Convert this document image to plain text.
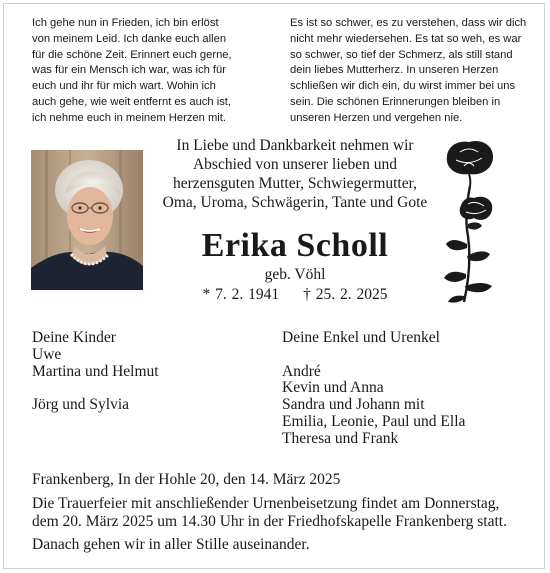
Ich gehe nun in Frieden, ich bin erlöst
von meinem Leid. Ich danke euch allen
für die schöne Zeit. Erinnert euch gerne,
was für ein Mensch ich war, was ich für
euch und ihr für mich wart. Wohin ich
auch gehe, wie weit entfernt es auch ist,
ich nehme euch in meinem Herzen mit.
Es ist so schwer, es zu verstehen, dass wir dich
nicht mehr wiedersehen. Es tat so weh, es war
so schwer, so tief der Schmerz, als still stand
dein liebes Mutterherz. In unseren Herzen
schließen wir dich ein, du wirst immer bei uns
sein. Die schönen Erinnerungen bleiben in
unseren Herzen und vergehen nie.
In Liebe und Dankbarkeit nehmen wir
Abschied von unserer lieben und
herzensguten Mutter, Schwiegermutter,
Oma, Uroma, Schwägerin, Tante und Gote
Erika Scholl
geb. Vöhl
* 7. 2. 1941 † 25. 2. 2025
Deine Kinder
Uwe
Martina und Helmut
Jörg und Sylvia
Deine Enkel und Urenkel
André
Kevin und Anna
Sandra und Johann mit
Emilia, Leonie, Paul und Ella
Theresa und Frank
Frankenberg, In der Hohle 20, den 14. März 2025
Die Trauerfeier mit anschließender Urnenbeisetzung findet am Donnerstag,
dem 20. März 2025 um 14.30 Uhr in der Friedhofskapelle Frankenberg statt.
Danach gehen wir in aller Stille auseinander.
